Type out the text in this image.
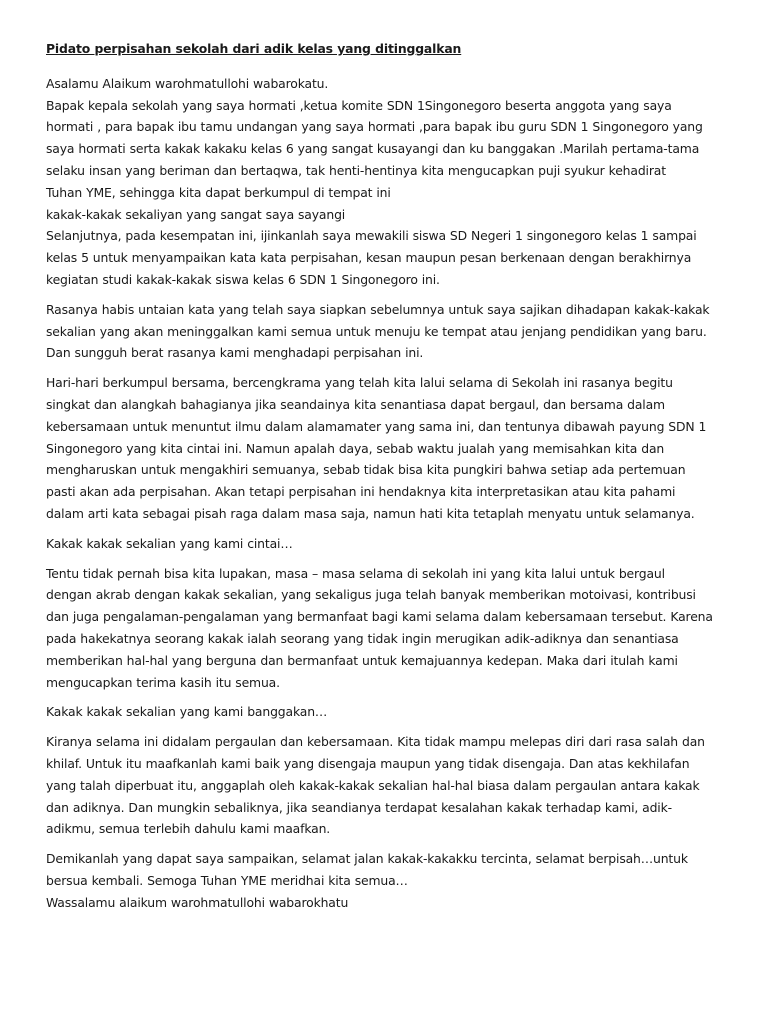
Pidato perpisahan sekolah dari adik kelas yang ditinggalkan
Asalamu Alaikum warohmatullohi wabarokatu.
Bapak kepala sekolah yang saya hormati ,ketua komite SDN 1Singonegoro beserta anggota yang saya
hormati , para bapak ibu tamu undangan yang saya hormati ,para bapak ibu guru SDN 1 Singonegoro yang
saya hormati serta kakak kakaku kelas 6 yang sangat kusayangi dan ku banggakan .Marilah pertama-tama
selaku insan yang beriman dan bertaqwa, tak henti-hentinya kita mengucapkan puji syukur kehadirat
Tuhan YME, sehingga kita dapat berkumpul di tempat ini
kakak-kakak sekaliyan yang sangat saya sayangi
Selanjutnya, pada kesempatan ini, ijinkanlah saya mewakili siswa SD Negeri 1 singonegoro kelas 1 sampai
kelas 5 untuk menyampaikan kata kata perpisahan, kesan maupun pesan berkenaan dengan berakhirnya
kegiatan studi kakak-kakak siswa kelas 6 SDN 1 Singonegoro ini.
Rasanya habis untaian kata yang telah saya siapkan sebelumnya untuk saya sajikan dihadapan kakak-kakak
sekalian yang akan meninggalkan kami semua untuk menuju ke tempat atau jenjang pendidikan yang baru.
Dan sungguh berat rasanya kami menghadapi perpisahan ini.
Hari-hari berkumpul bersama, bercengkrama yang telah kita lalui selama di Sekolah ini rasanya begitu
singkat dan alangkah bahagianya jika seandainya kita senantiasa dapat bergaul, dan bersama dalam
kebersamaan untuk menuntut ilmu dalam alamamater yang sama ini, dan tentunya dibawah payung SDN 1
Singonegoro yang kita cintai ini. Namun apalah daya, sebab waktu jualah yang memisahkan kita dan
mengharuskan untuk mengakhiri semuanya, sebab tidak bisa kita pungkiri bahwa setiap ada pertemuan
pasti akan ada perpisahan. Akan tetapi perpisahan ini hendaknya kita interpretasikan atau kita pahami
dalam arti kata sebagai pisah raga dalam masa saja, namun hati kita tetaplah menyatu untuk selamanya.
Kakak kakak sekalian yang kami cintai…
Tentu tidak pernah bisa kita lupakan, masa – masa selama di sekolah ini yang kita lalui untuk bergaul
dengan akrab dengan kakak sekalian, yang sekaligus juga telah banyak memberikan motoivasi, kontribusi
dan juga pengalaman-pengalaman yang bermanfaat bagi kami selama dalam kebersamaan tersebut. Karena
pada hakekatnya seorang kakak ialah seorang yang tidak ingin merugikan adik-adiknya dan senantiasa
memberikan hal-hal yang berguna dan bermanfaat untuk kemajuannya kedepan. Maka dari itulah kami
mengucapkan terima kasih itu semua.
Kakak kakak sekalian yang kami banggakan…
Kiranya selama ini didalam pergaulan dan kebersamaan. Kita tidak mampu melepas diri dari rasa salah dan
khilaf. Untuk itu maafkanlah kami baik yang disengaja maupun yang tidak disengaja. Dan atas kekhilafan
yang talah diperbuat itu, anggaplah oleh kakak-kakak sekalian hal-hal biasa dalam pergaulan antara kakak
dan adiknya. Dan mungkin sebaliknya, jika seandianya terdapat kesalahan kakak terhadap kami, adik-
adikmu, semua terlebih dahulu kami maafkan.
Demikanlah yang dapat saya sampaikan, selamat jalan kakak-kakakku tercinta, selamat berpisah…untuk
bersua kembali. Semoga Tuhan YME meridhai kita semua…
Wassalamu alaikum warohmatullohi wabarokhatu
